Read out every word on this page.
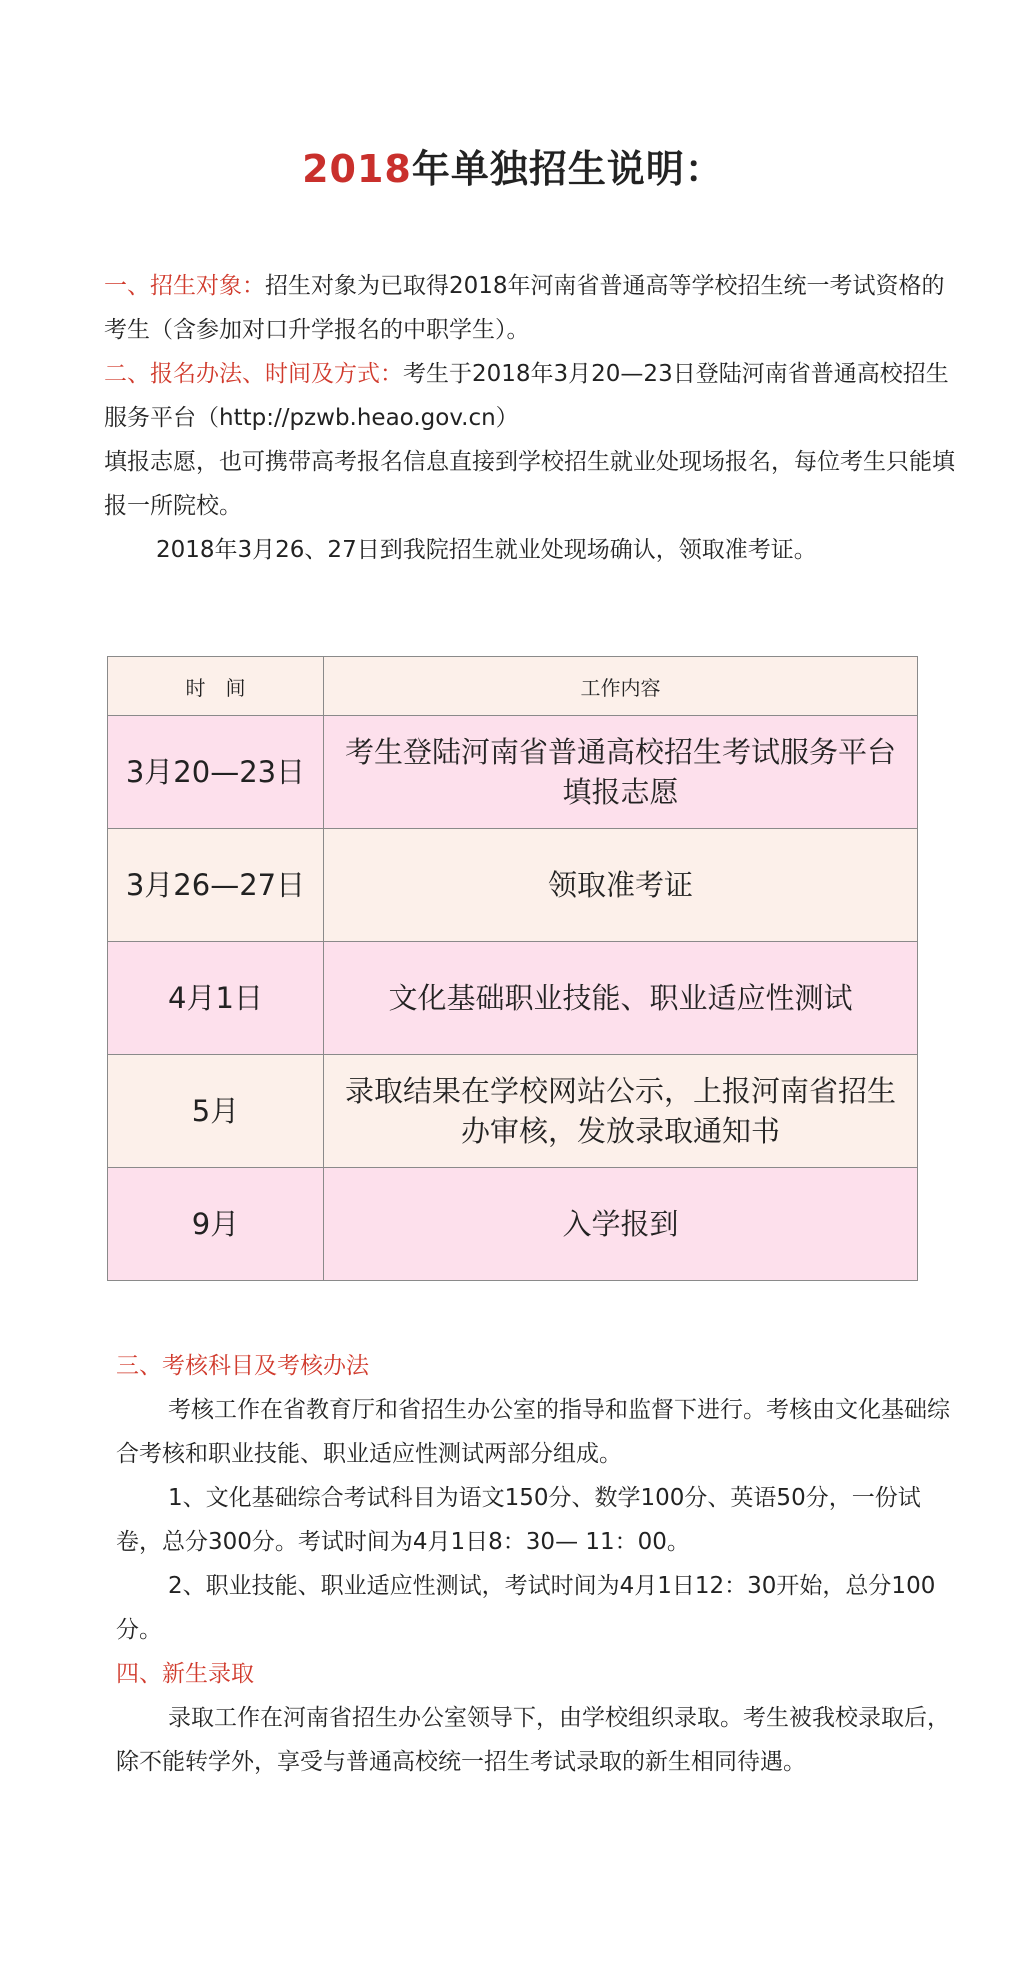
2018年单独招生说明：

一、招生对象：招生对象为已取得2018年河南省普通高等学校招生统一考试资格的考生（含参加对口升学报名的中职学生）。

二、报名办法、时间及方式：考生于2018年3月20—23日登陆河南省普通高校招生服务平台（http://pzwb.heao.gov.cn）

填报志愿，也可携带高考报名信息直接到学校招生就业处现场报名，每位考生只能填报一所院校。

2018年3月26、27日到我院招生就业处现场确认，领取准考证。

时　间	工作内容
3月20—23日	考生登陆河南省普通高校招生考试服务平台填报志愿
3月26—27日	领取准考证
4月1日	文化基础职业技能、职业适应性测试
5月	录取结果在学校网站公示，上报河南省招生办审核，发放录取通知书
9月	入学报到

三、考核科目及考核办法

考核工作在省教育厅和省招生办公室的指导和监督下进行。考核由文化基础综合考核和职业技能、职业适应性测试两部分组成。

1、文化基础综合考试科目为语文150分、数学100分、英语50分，一份试卷，总分300分。考试时间为4月1日8：30— 11：00。

2、职业技能、职业适应性测试，考试时间为4月1日12：30开始，总分100分。

四、新生录取

录取工作在河南省招生办公室领导下，由学校组织录取。考生被我校录取后，除不能转学外，享受与普通高校统一招生考试录取的新生相同待遇。
